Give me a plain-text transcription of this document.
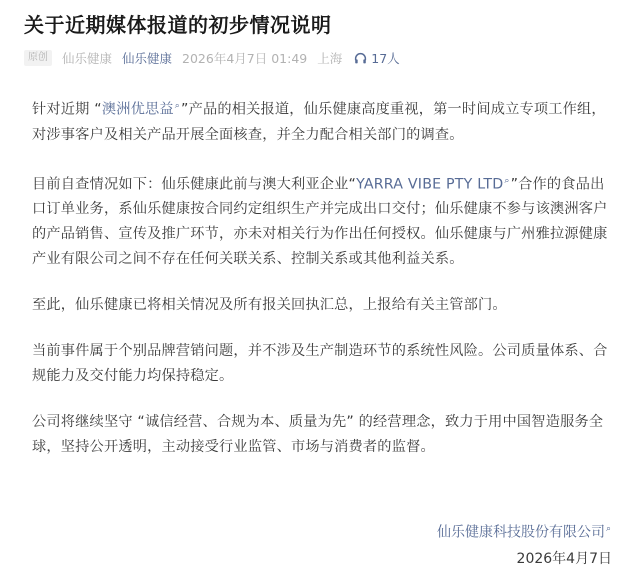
关于近期媒体报道的初步情况说明
原创	仙乐健康 仙乐健康 2026年4月7日 01:49 上海 17人

针对近期 “澳洲优思益⌕”产品的相关报道，仙乐健康高度重视，第一时间成立专项工作组，对涉事客户及相关产品开展全面核查，并全力配合相关部门的调查。

目前自查情况如下：仙乐健康此前与澳大利亚企业“YARRA VIBE PTY LTD⌕”合作的食品出口订单业务，系仙乐健康按合同约定组织生产并完成出口交付；仙乐健康不参与该澳洲客户的产品销售、宣传及推广环节，亦未对相关行为作出任何授权。仙乐健康与广州雅拉源健康产业有限公司之间不存在任何关联关系、控制关系或其他利益关系。

至此，仙乐健康已将相关情况及所有报关回执汇总，上报给有关主管部门。

当前事件属于个别品牌营销问题，并不涉及生产制造环节的系统性风险。公司质量体系、合规能力及交付能力均保持稳定。

公司将继续坚守 “诚信经营、合规为本、质量为先” 的经营理念，致力于用中国智造服务全球，坚持公开透明，主动接受行业监管、市场与消费者的监督。

仙乐健康科技股份有限公司⌕
2026年4月7日
